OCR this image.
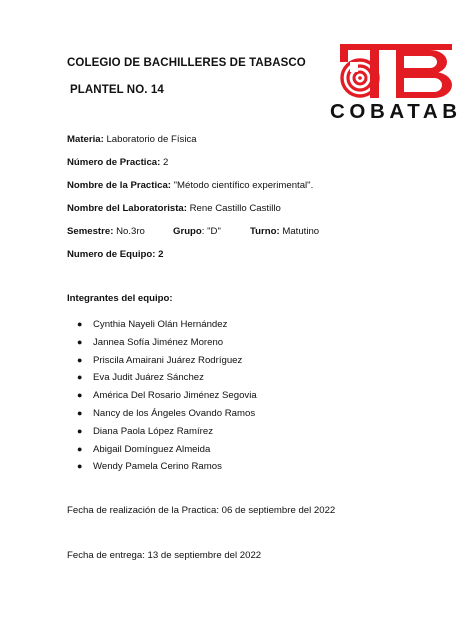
COLEGIO DE BACHILLERES DE TABASCO
PLANTEL NO. 14
COBATAB
Materia: Laboratorio de Física
Número de Practica: 2
Nombre de la Practica: "Método científico experimental".
Nombre del Laboratorista: Rene Castillo Castillo
Semestre: No.3ro	Grupo: "D"	Turno: Matutino
Numero de Equipo: 2
Integrantes del equipo:
● Cynthia Nayeli Olán Hernández
● Jannea Sofía Jiménez Moreno
● Priscila Amairani Juárez Rodríguez
● Eva Judit Juárez Sánchez
● América Del Rosario Jiménez Segovia
● Nancy de los Ángeles Ovando Ramos
● Diana Paola López Ramírez
● Abigail Domínguez Almeida
● Wendy Pamela Cerino Ramos
Fecha de realización de la Practica: 06 de septiembre del 2022
Fecha de entrega: 13 de septiembre del 2022
